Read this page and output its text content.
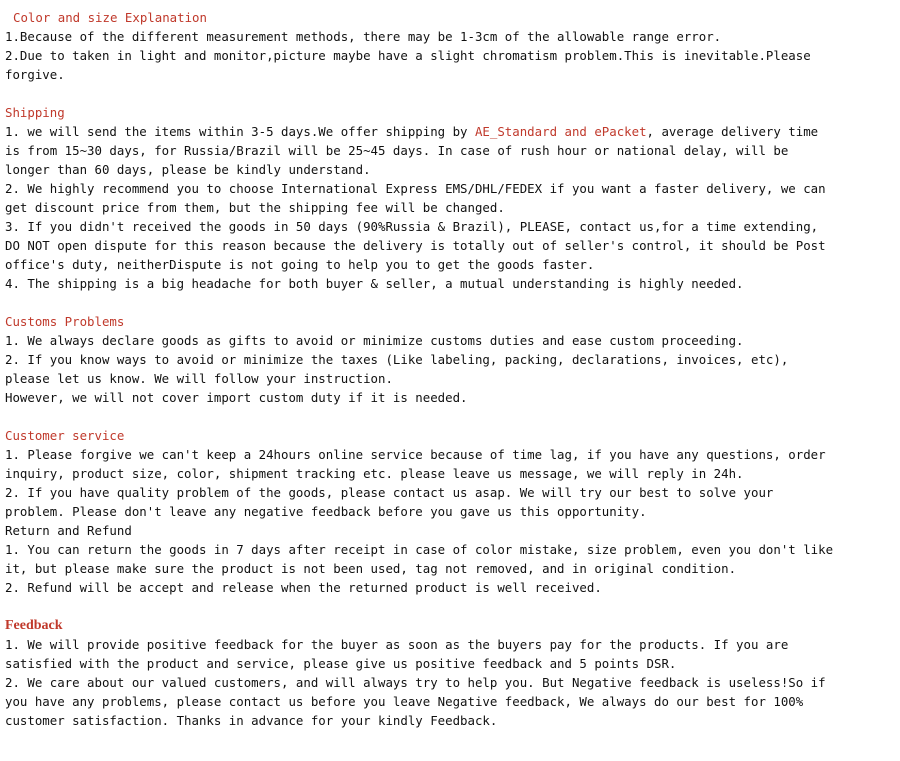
Color and size Explanation
1.Because of the different measurement methods, there may be 1-3cm of the allowable range error.
2.Due to taken in light and monitor,picture maybe have a slight chromatism problem.This is inevitable.Please
forgive.
Shipping
1. we will send the items within 3-5 days.We offer shipping by AE_Standard and ePacket, average delivery time
is from 15~30 days, for Russia/Brazil will be 25~45 days. In case of rush hour or national delay, will be
longer than 60 days, please be kindly understand.
2. We highly recommend you to choose International Express EMS/DHL/FEDEX if you want a faster delivery, we can
get discount price from them, but the shipping fee will be changed.
3. If you didn't received the goods in 50 days (90%Russia & Brazil), PLEASE, contact us,for a time extending,
DO NOT open dispute for this reason because the delivery is totally out of seller's control, it should be Post
office's duty, neitherDispute is not going to help you to get the goods faster.
4. The shipping is a big headache for both buyer & seller, a mutual understanding is highly needed.
Customs Problems
1. We always declare goods as gifts to avoid or minimize customs duties and ease custom proceeding.
2. If you know ways to avoid or minimize the taxes (Like labeling, packing, declarations, invoices, etc),
please let us know. We will follow your instruction.
However, we will not cover import custom duty if it is needed.
Customer service
1. Please forgive we can't keep a 24hours online service because of time lag, if you have any questions, order
inquiry, product size, color, shipment tracking etc. please leave us message, we will reply in 24h.
2. If you have quality problem of the goods, please contact us asap. We will try our best to solve your
problem. Please don't leave any negative feedback before you gave us this opportunity.
Return and Refund
1. You can return the goods in 7 days after receipt in case of color mistake, size problem, even you don't like
it, but please make sure the product is not been used, tag not removed, and in original condition.
2. Refund will be accept and release when the returned product is well received.
Feedback
1. We will provide positive feedback for the buyer as soon as the buyers pay for the products. If you are
satisfied with the product and service, please give us positive feedback and 5 points DSR.
2. We care about our valued customers, and will always try to help you. But Negative feedback is useless!So if
you have any problems, please contact us before you leave Negative feedback, We always do our best for 100%
customer satisfaction. Thanks in advance for your kindly Feedback.
